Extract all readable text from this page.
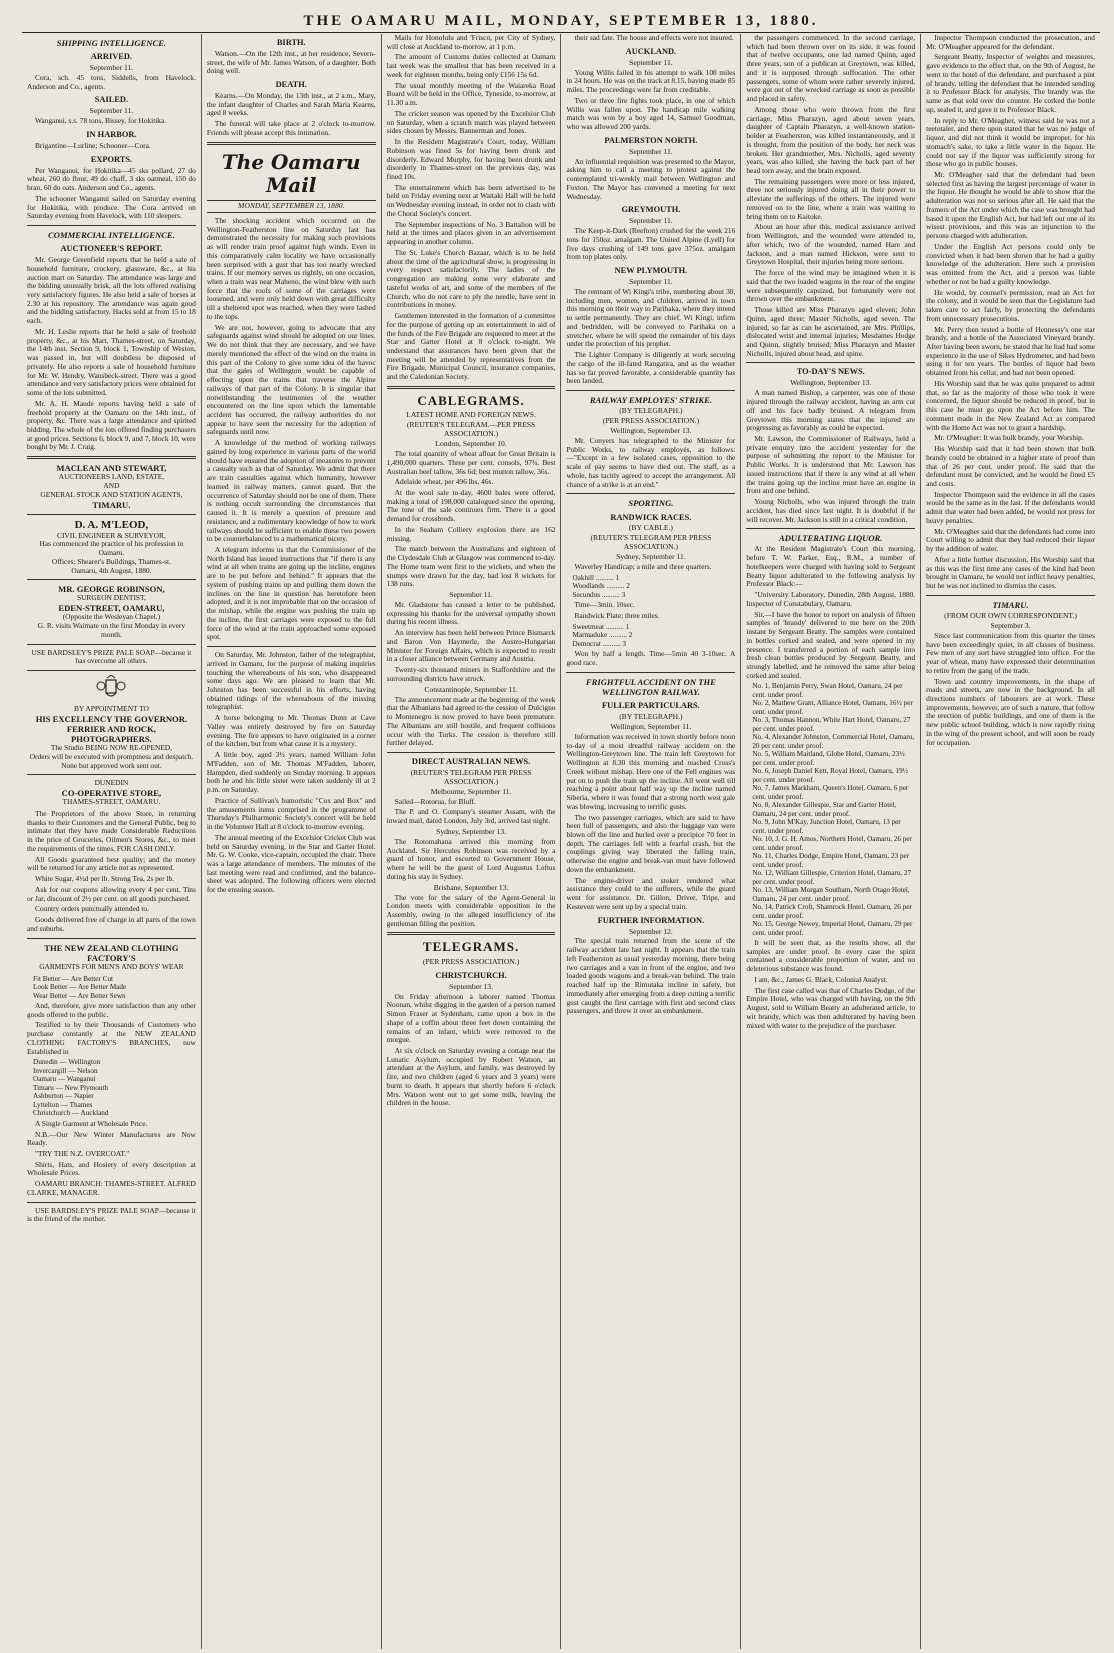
THE OAMARU MAIL, MONDAY, SEPTEMBER 13, 1880.
SHIPPING INTELLIGENCE.
ARRIVED.
September 11.

Cora, sch. 45 tons, Siddells, from Havelock. Anderson and Co., agents.

SAILED.
September 11.

Wanganui, s.s. 78 tons, Bissey, for Hokitika.

IN HARBOR.

Brigantine—Lurline; Schooner—Cora.

EXPORTS.

Per Wanganui, for Hokitika—45 sks pollard, 27 do wheat, 260 do flour, 49 do chaff, 3 sks oatmeal, 150 do bran, 60 do oats. Anderson and Co., agents.

The schooner Wanganui sailed on Saturday evening for Hokitika, with produce. The Cora arrived on Saturday evening from Havelock, with 110 sleepers.

COMMERCIAL INTELLIGENCE.
AUCTIONEER'S REPORT.

Mr. George Greenfield reports that he held a sale of household furniture, crockery, glassware, &c., at his auction mart on Saturday. The attendance was large and the bidding unusually brisk, all the lots offered realising very satisfactory figures. He also held a sale of horses at 2.30 at his repository. The attendance was again good and the bidding satisfactory. Hacks sold at from 15 to 18 each.

Mr. H. Leslie reports that he held a sale of freehold property, &c., at his Mart, Thames-street, on Saturday, the 14th inst. Section 9, block 1, Township of Weston, was passed in, but will doubtless be disposed of privately. He also reports a sale of household furniture for Mr. W. Hendry, Wansbeck-street. There was a good attendance and very satisfactory prices were obtained for some of the lots submitted.

Mr. A. H. Maude reports having held a sale of freehold property at the Oamaru on the 14th inst., of property, &c. There was a large attendance and spirited bidding. The whole of the lots offered finding purchasers at good prices. Sections 6, block 9, and 7, block 10, were bought by Mr. J. Craig.

MACLEAN AND STEWART,
AUCTIONEERS LAND, ESTATE,
AND
GENERAL STOCK AND STATION AGENTS,
TIMARU.
D. A. M'LEOD,
CIVIL ENGINEER & SURVEYOR,
Has commenced the practice of his profession in Oamaru.
Offices: Shearer's Buildings, Thames-st.
Oamaru, 4th August, 1880.
MR. GEORGE ROBINSON,
SURGEON DENTIST,
EDEN-STREET, OAMARU,
(Opposite the Wesleyan Chapel.)
G. R. visits Waimate on the first Monday in every month.
USE BARDSLEY'S PRIZE PALE SOAP—because it has overcome all others.
BY APPOINTMENT TO
HIS EXCELLENCY THE GOVERNOR.
FERRIER AND ROCK, PHOTOGRAPHERS.
The Studio BEING NOW RE-OPENED,
Orders will be executed with promptness and despatch.
None but approved work sent out.
DUNEDIN
CO-OPERATIVE STORE,
THAMES-STREET, OAMARU.

The Proprietors of the above Store, in returning thanks to their Customers and the General Public, beg to intimate that they have made Considerable Reductions in the price of Groceries, Oilmen's Stores, &c., to meet the requirements of the times, FOR CASH ONLY.

All Goods guaranteed best quality; and the money will be returned for any article not as represented.

White Sugar, 4½d per lb. Strong Tea, 2s per lb.

Ask for our coupons allowing every 4 per cent. Tins or Jar, discount of 2½ per cent. on all goods purchased.

Country orders punctually attended to.

Goods delivered free of charge in all parts of the town and suburbs.

THE NEW ZEALAND CLOTHING FACTORY'S
GARMENTS FOR MEN'S AND BOYS' WEAR
Fit Better — Are Better Cut
Look Better — Are Better Made
Wear Better — Are Better Sewn

And, therefore, give more satisfaction than any other goods offered to the public.

Testified to by their Thousands of Customers who purchase constantly at the NEW ZEALAND CLOTHING FACTORY'S BRANCHES, now Established in

Dunedin — Wellington
Invercargill — Nelson
Oamaru — Wanganui
Timaru — New Plymouth
Ashburton — Napier
Lyttelton — Thames
Christchurch — Auckland

A Single Garment at Wholesale Price.

N.B.—Our New Winter Manufactures are Now Ready.

"TRY THE N.Z. OVERCOAT."

Shirts, Hats, and Hosiery of every description at Wholesale Prices.

OAMARU BRANCH: THAMES-STREET. ALFRED CLARKE, MANAGER.

USE BARDSLEY'S PRIZE PALE SOAP—because it is the friend of the mother.

BIRTH.

Watson.—On the 12th inst., at her residence, Severn-street, the wife of Mr. James Watson, of a daughter. Both doing well.

DEATH.

Kearns.—On Monday, the 13th inst., at 2 a.m., Mary, the infant daughter of Charles and Sarah Maria Kearns, aged 8 weeks.

The funeral will take place at 2 o'clock to-morrow. Friends will please accept this intimation.

The Oamaru Mail
MONDAY, SEPTEMBER 13, 1880.

The shocking accident which occurred on the Wellington-Featherston line on Saturday last has demonstrated the necessity for making such provisions as will render train proof against high winds. Even in this comparatively calm locality we have occasionally been surprised with a gust that has too nearly wrecked trains. If our memory serves us rightly, on one occasion, when a train was near Maheno, the wind blew with such force that the roofs of some of the carriages were loosened, and were only held down with great difficulty till a sheltered spot was reached, when they were lashed to the tops.

We are not, however, going to advocate that any safeguards against wind should be adopted on our lines. We do not think that they are necessary, and we have merely mentioned the effect of the wind on the trains in this part of the Colony to give some idea of the havoc that the gales of Wellington would be capable of effecting upon the trains that traverse the Alpine railways of that part of the Colony. It is singular that notwithstanding the testimonies of the weather encountered on the line upon which the lamentable accident has occurred, the railway authorities do not appear to have seen the necessity for the adoption of safeguards until now.

A knowledge of the method of working railways gained by long experience in various parts of the world should have ensured the adoption of measures to prevent a casualty such as that of Saturday. We admit that there are train casualties against which humanity, however learned in railway matters, cannot guard. But the occurrence of Saturday should not be one of them. There is nothing occult surrounding the circumstances that caused it. It is merely a question of pressure and resistance, and a rudimentary knowledge of how to work railways should be sufficient to enable these two powers to be counterbalanced to a mathematical nicety.

A telegram informs us that the Commissioner of the North Island has issued instructions that "if there is any wind at all when trains are going up the incline, engines are to be put before and behind." It appears that the system of pushing trains up and pulling them down the inclines on the line in question has heretofore been adopted, and it is not improbable that on the occasion of the mishap, while the engine was pushing the train up the incline, the first carriages were exposed to the full force of the wind at the train approached some exposed spot.

On Saturday, Mr. Johnston, father of the telegraphist, arrived in Oamaru, for the purpose of making inquiries touching the whereabouts of his son, who disappeared some days ago. We are pleased to learn that Mr. Johnston has been successful in his efforts, having obtained tidings of the whereabouts of the missing telegraphist.

A horse belonging to Mr. Thomas Dunn at Cave Valley was entirely destroyed by fire on Saturday evening. The fire appears to have originated in a corner of the kitchen, but from what cause it is a mystery.

A little boy, aged 3½ years, named William John M'Fadden, son of Mr. Thomas M'Fadden, laborer, Hampden, died suddenly on Sunday morning. It appears both he and his little sister were taken suddenly ill at 2 p.m. on Saturday.

Practice of Sullivan's humoristic "Cox and Box" and the amusements items comprised in the programme of Thursday's Philharmonic Society's concert will be held in the Volunteer Hall at 8 o'clock to-morrow evening.

The annual meeting of the Excelsior Cricket Club was held on Saturday evening, in the Star and Garter Hotel. Mr. G. W. Cooke, vice-captain, occupied the chair. There was a large attendance of members. The minutes of the last meeting were read and confirmed, and the balance-sheet was adopted. The following officers were elected for the ensuing season.

Mails for Honolulu and 'Frisco, per City of Sydney, will close at Auckland to-morrow, at 1 p.m.

The amount of Customs duties collected at Oamaru last week was the smallest that has been received in a week for eighteen months, being only £156 15s 6d.

The usual monthly meeting of the Waiareka Road Board will be held in the Office, Tyneside, to-morrow, at 11.30 a.m.

The cricket season was opened by the Excelsior Club on Saturday, when a scratch match was played between sides chosen by Messrs. Bannerman and Jones.

In the Resident Magistrate's Court, today, William Robinson was fined 5s for having been drunk and disorderly. Edward Murphy, for having been drunk and disorderly in Thames-street on the previous day, was fined 10s.

The entertainment which has been advertised to be held on Friday evening next at Waitaki Hall will be held on Wednesday evening instead, in order not to clash with the Choral Society's concert.

The September inspections of No. 3 Battalion will be held at the times and places given in an advertisement appearing in another column.

The St. Luke's Church Bazaar, which is to be held about the time of the agricultural show, is progressing in every respect satisfactorily. The ladies of the congregation are making some very elaborate and tasteful works of art, and some of the members of the Church, who do not care to ply the needle, have sent in contributions in money.

Gentlemen interested in the formation of a committee for the purpose of getting up an entertainment in aid of the funds of the Fire Brigade are requested to meet at the Star and Garter Hotel at 8 o'clock to-night. We understand that assurances have been given that the meeting will be attended by representatives from the Fire Brigade, Municipal Council, insurance companies, and the Caledonian Society.

CABLEGRAMS.
LATEST HOME AND FOREIGN NEWS.
(REUTER'S TELEGRAM.—PER PRESS ASSOCIATION.)
London, September 10.

The total quantity of wheat afloat for Great Britain is 1,490,000 quarters. Three per cent. consols, 97¾. Best Australian beef tallow, 36s 6d; best mutton tallow, 36s.

Adelaide wheat, per 496 lbs, 46s.

At the wool sale to-day, 4600 bales were offered, making a total of 198,000 catalogued since the opening. The tone of the sale continues firm. There is a good demand for crossbreds.

In the Seaham Colliery explosion there are 162 missing.

The match between the Australians and eighteen of the Clydesdale Club at Glasgow was commenced to-day. The Home team went first to the wickets, and when the stumps were drawn for the day, had lost 8 wickets for 138 runs.

September 11.

Mr. Gladstone has caused a letter to be published, expressing his thanks for the universal sympathy shown during his recent illness.

An interview has been held between Prince Bismarck and Baron Von Haymerle, the Austro-Hungarian Minister for Foreign Affairs, which is expected to result in a closer alliance between Germany and Austria.

Twenty-six thousand miners in Staffordshire and the surrounding districts have struck.

Constantinople, September 11.

The announcement made at the beginning of the week that the Albanians had agreed to the cession of Dulcigno to Montenegro is now proved to have been premature. The Albanians are still hostile, and frequent collisions occur with the Turks. The cession is therefore still further delayed.

DIRECT AUSTRALIAN NEWS.
(REUTER'S TELEGRAM PER PRESS ASSOCIATION.)
Melbourne, September 11.

Sailed—Rotorua, for Bluff.

The P. and O. Company's steamer Assam, with the inward mail, dated London, July 3rd, arrived last night.

Sydney, September 13.

The Rotomahana arrived this morning from Auckland. Sir Hercules Robinson was received by a guard of honor, and escorted to Government House, where he will be the guest of Lord Augustus Loftus during his stay in Sydney.

Brisbane, September 13.

The vote for the salary of the Agent-General in London meets with considerable opposition in the Assembly, owing to the alleged insufficiency of the gentleman filling the position.

TELEGRAMS.
(PER PRESS ASSOCIATION.)
CHRISTCHURCH.
September 13.

On Friday afternoon a laborer named Thomas Noonan, whilst digging in the garden of a person named Simon Fraser at Sydenham, came upon a box in the shape of a coffin about three feet down containing the remains of an infant, which were removed to the morgue.

At six o'clock on Saturday evening a cottage near the Lunatic Asylum, occupied by Robert Watson, an attendant at the Asylum, and family, was destroyed by fire, and two children (aged 6 years and 3 years) were burnt to death. It appears that shortly before 6 o'clock Mrs. Watson went out to get some milk, leaving the children in the house.

their sad fate. The house and effects were not insured.

AUCKLAND.
September 11.

Young Willis failed in his attempt to walk 108 miles in 24 hours. He was on the track at 8.15, having made 85 miles. The proceedings were far from creditable.

Two or three fire fights took place, in one of which Willis was fallen upon. The handicap mile walking match was won by a boy aged 14, Samuel Goodman, who was allowed 200 yards.

PALMERSTON NORTH.
September 11.

An influential requisition was presented to the Mayor, asking him to call a meeting to protest against the contemplated tri-weekly mail between Wellington and Foxton. The Mayor has convened a meeting for next Wednesday.

GREYMOUTH.
September 11.

The Keep-it-Dark (Reefton) crushed for the week 216 tons for 150oz. amalgam. The United Alpine (Lyell) for five days crushing of 149 tons gave 375oz. amalgam from top plates only.

NEW PLYMOUTH.
September 11.

The remnant of Wi Kingi's tribe, numbering about 30, including men, women, and children, arrived in town this morning on their way to Parihaka, where they intend to settle permanently. They are chief, Wi Kingi, infirm and bedridden, will be conveyed to Parihaka on a stretcher, where he will spend the remainder of his days under the protection of his prophet.

The Lighter Company is diligently at work securing the cargo of the ill-fated Rangatira, and as the weather has so far proved favorable, a considerable quantity has been landed.

RAILWAY EMPLOYES' STRIKE.
(BY TELEGRAPH.)
(PER PRESS ASSOCIATION.)
Wellington, September 13.

Mr. Conyers has telegraphed to the Minister for Public Works, to railway employés, as follows:—"Except in a few isolated cases, opposition to the scale of pay seems to have died out. The staff, as a whole, has tacitly agreed to accept the arrangement. All chance of a strike is at an end."

SPORTING.
RANDWICK RACES.
(BY CABLE.)
(REUTER'S TELEGRAM PER PRESS ASSOCIATION.)
Sydney, September 11.

Waverley Handicap; a mile and three quarters.

Oakhill .......... 1
Woodlands .......... 2
Secundus .......... 3

Time—3min. 10sec.

Randwick Plate; three miles.

Sweetmeat .......... 1
Marmaduke .......... 2
Democrat .......... 3

Won by half a length. Time—5min 40 3-10sec. A good race.

FRIGHTFUL ACCIDENT ON THE WELLINGTON RAILWAY.
FULLER PARTICULARS.
(BY TELEGRAPH.)
Wellington, September 11.

Information was received in town shortly before noon to-day of a most dreadful railway accident on the Wellington-Greytown line. The train left Greytown for Wellington at 8.30 this morning and reached Cross's Creek without mishap. Here one of the Fell engines was put on to push the train up the incline. All went well till reaching a point about half way up the incline named Siberia, where it was found that a strong north west gale was blowing, increasing to terrific gusts.

The two passenger carriages, which are said to have been full of passengers, and also the luggage van were blown off the line and hurled over a precipice 70 feet in depth. The carriages fell with a fearful crash, but the couplings giving way liberated the falling train, otherwise the engine and break-van must have followed down the embankment.

The engine-driver and stoker rendered what assistance they could to the sufferers, while the guard went for assistance. Dr. Gillon, Driver, Tripe, and Kesteven were sent up by a special train.

FURTHER INFORMATION.
September 12.

The special train returned from the scene of the railway accident late last night. It appears that the train left Featherston as usual yesterday morning, there being two carriages and a van in front of the engine, and two loaded goods wagons and a break-van behind. The train reached half up the Rimutaka incline in safety, but immediately after emerging from a deep cutting a terrific gust caught the first carriage with first and second class passengers, and threw it over an embankment.

the passengers commenced. In the second carriage, which had been thrown over on its side, it was found that of twelve occupants, one lad named Quinn, aged three years, son of a publican at Greytown, was killed, and it is supposed through suffocation. The other passengers, some of whom were rather severely injured, were got out of the wrecked carriage as soon as possible and placed in safety.

Among those who were thrown from the first carriage, Miss Pharazyn, aged about seven years, daughter of Captain Pharazyn, a well-known station-holder at Featherston, was killed instantaneously, and it is thought, from the position of the body, her neck was broken. Her grandmother, Mrs. Nicholls, aged seventy years, was also killed, she having the back part of her head torn away, and the brain exposed.

The remaining passengers were more or less injured, three not seriously injured doing all in their power to alleviate the sufferings of the others. The injured were removed on to the line, where a train was waiting to bring them on to Kaitoke.

About an hour after this, medical assistance arrived from Wellington, and the wounded were attended to, after which, two of the wounded, named Hare and Jackson, and a man named Hickson, were sent to Greytown Hospital, their injuries being more serious.

The force of the wind may be imagined when it is said that the two loaded wagons in the rear of the engine were subsequently capsized, but fortunately were not thrown over the embankment.

Those killed are Miss Pharazyn aged eleven; John Quinn, aged three; Master Nicholls, aged seven. The injured, so far as can be ascertained, are Mrs. Phillips, dislocated wrist and internal injuries; Mesdames Hodge and Quinn, slightly bruised; Miss Pharazyn and Master Nicholls, injured about head, and spine.

TO-DAY'S NEWS.
Wellington, September 13.

A man named Bishop, a carpenter, was one of those injured through the railway accident, having an arm cut off and his face badly bruised. A telegram from Greytown this morning states that the injured are progressing as favorably as could be expected.

Mr. Lawson, the Commissioner of Railways, held a private enquiry into the accident yesterday for the purpose of submitting the report to the Minister for Public Works. It is understood that Mr. Lawson has issued instructions that if there is any wind at all when the trains going up the incline must have an engine in front and one behind.

Young Nicholls, who was injured through the train accident, has died since last night. It is doubtful if he will recover. Mr. Jackson is still in a critical condition.

ADULTERATING LIQUOR.

At the Resident Magistrate's Court this morning, before T. W. Parker, Esq., R.M., a number of hotelkeepers were charged with having sold to Sergeant Beatty liquor adulterated to the following analysis by Professor Black:—

"University Laboratory, Dunedin, 28th August, 1880. Inspector of Constabulary, Oamaru.

Sir,—I have the honor to report on analysis of fifteen samples of 'brandy' delivered to me here on the 20th instant by Sergeant Beatty. The samples were contained in bottles corked and sealed, and were opened in my presence. I transferred a portion of each sample into fresh clean bottles produced by Sergeant Beatty, and strongly labelled, and he removed the same after being corked and sealed.

No. 1, Benjamin Perry, Swan Hotel, Oamaru, 24 per cent. under proof.
No. 2, Mathew Grant, Alliance Hotel, Oamaru, 16½ per cent. under proof.
No. 3, Thomas Hannon, White Hart Hotel, Oamaru, 27 per cent. under proof.
No. 4, Alexander Johnston, Commercial Hotel, Oamaru, 20 per cent. under proof.
No. 5, William Maitland, Globe Hotel, Oamaru, 23½ per cent. under proof.
No. 6, Joseph Daniel Kett, Royal Hotel, Oamaru, 19½ per cent. under proof.
No. 7, James Markham, Queen's Hotel, Oamaru, 6 per cent. under proof.
No. 8, Alexander Gillespie, Star and Garter Hotel, Oamaru, 24 per cent. under proof.
No. 9, John M'Kay, Junction Hotel, Oamaru, 13 per cent. under proof.
No. 10, J. G. H. Amos, Northern Hotel, Oamaru, 26 per cent. under proof.
No. 11, Charles Dodge, Empire Hotel, Oamaru, 23 per cent. under proof.
No. 12, William Gillespie, Criterion Hotel, Oamaru, 27 per cent. under proof.
No. 13, William Morgan Southam, North Otago Hotel, Oamaru, 24 per cent. under proof.
No. 14, Patrick Croft, Shamrock Hotel, Oamaru, 26 per cent. under proof.
No. 15, George Newey, Imperial Hotel, Oamaru, 29 per cent. under proof.

It will be seen that, as the results show, all the samples are under proof. In every case the spirit contained a considerable proportion of water, and no deleterious substance was found.

I am, &c., James G. Black, Colonial Analyst.

The first case called was that of Charles Dodge, of the Empire Hotel, who was charged with having, on the 9th August, sold to William Beatty an adulterated article, to wit brandy, which was then adulterated by having been mixed with water to the prejudice of the purchaser.

Inspector Thompson conducted the prosecution, and Mr. O'Meagher appeared for the defendant.

Sergeant Beatty, Inspector of weights and measures, gave evidence to the effect that, on the 9th of August, he went to the hotel of the defendant, and purchased a pint of brandy, telling the defendant that he intended sending it to Professor Black for analysis. The brandy was the same as that sold over the counter. He corked the bottle up, sealed it, and gave it to Professor Black.

In reply to Mr. O'Meagher, witness said he was not a teetotaler, and there upon stated that he was no judge of liquor, and did not think it would be improper, for his stomach's sake, to take a little water in the liquor. He could not say if the liquor was sufficiently strong for those who go in public houses.

Mr. O'Meagher said that the defendant had been selected first as having the largest percentage of water in the liquor. He thought he would be able to show that the adulteration was not so serious after all. He said that the framers of the Act under which the case was brought had based it upon the English Act, but had left out one of its wisest provisions, and this was an injunction to the persons charged with adulteration.

Under the English Act persons could only be convicted when it had been shown that he had a guilty knowledge of the adulteration. Here such a provision was omitted from the Act, and a person was liable whether or not he had a guilty knowledge.

He would, by counsel's permission, read an Act for the colony, and it would be seen that the Legislature had taken care to act fairly, by protecting the defendants from unnecessary prosecutions.

Mr. Perry then tested a bottle of Hennessy's one star brandy, and a bottle of the Associated Vineyard brandy. After having been sworn, he stated that he had had some experience in the use of Sikes Hydrometer, and had been using it for ten years. The bottles of liquor had been obtained from his cellar, and had not been opened.

His Worship said that he was quite prepared to admit that, so far as the majority of those who took it were concerned, the liquor should be reduced in proof, but in this case he must go upon the Act before him. The comment made in the New Zealand Act as compared with the Home Act was not to grant a hardship.

Mr. O'Meagher: It was bulk brandy, your Worship.

His Worship said that it had been shown that bulk brandy could be obtained in a higher state of proof than that of 26 per cent. under proof. He said that the defendant must be convicted, and he would be fined £5 and costs.

Inspector Thompson said the evidence in all the cases would be the same as in the last. If the defendants would admit that water had been added, he would not press for heavy penalties.

Mr. O'Meagher said that the defendants had come into Court willing to admit that they had reduced their liquor by the addition of water.

After a little further discussion, His Worship said that as this was the first time any cases of the kind had been brought in Oamaru, he would not inflict heavy penalties, but he was not inclined to dismiss the cases.

TIMARU.
(FROM OUR OWN CORRESPONDENT.)
September 3.

Since last communication from this quarter the times have been exceedingly quiet, in all classes of business. Few men of any sort have struggled into office. For the year of wheat, many have expressed their determination to retire from the gang of the trade.

Town and country improvements, in the shape of roads and streets, are now in the background. In all directions numbers of labourers are at work. These improvements, however, are of such a nature, that follow the erection of public buildings, and one of them is the new public school building, which is now rapidly rising in the wing of the present school, and will soon be ready for occupation.
